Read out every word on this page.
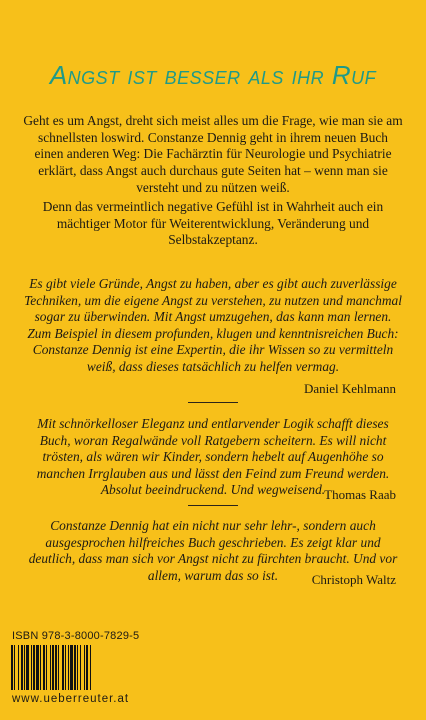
Angst ist besser als ihr Ruf
Geht es um Angst, dreht sich meist alles um die Frage, wie man sie am schnellsten loswird. Constanze Dennig geht in ihrem neuen Buch einen anderen Weg: Die Fachärztin für Neurologie und Psychiatrie erklärt, dass Angst auch durchaus gute Seiten hat – wenn man sie versteht und zu nützen weiß.
Denn das vermeintlich negative Gefühl ist in Wahrheit auch ein mächtiger Motor für Weiterentwicklung, Veränderung und Selbstakzeptanz.
Es gibt viele Gründe, Angst zu haben, aber es gibt auch zuverlässige Techniken, um die eigene Angst zu verstehen, zu nutzen und manchmal sogar zu überwinden. Mit Angst umzugehen, das kann man lernen. Zum Beispiel in diesem profunden, klugen und kenntnisreichen Buch: Constanze Dennig ist eine Expertin, die ihr Wissen so zu vermitteln weiß, dass dieses tatsächlich zu helfen vermag.
Daniel Kehlmann
Mit schnörkelloser Eleganz und entlarvender Logik schafft dieses Buch, woran Regalwände voll Ratgebern scheitern. Es will nicht trösten, als wären wir Kinder, sondern hebelt auf Augenhöhe so manchen Irrglauben aus und lässt den Feind zum Freund werden. Absolut beeindruckend. Und wegweisend. Thomas Raab
Constanze Dennig hat ein nicht nur sehr lehr-, sondern auch ausgesprochen hilfreiches Buch geschrieben. Es zeigt klar und deutlich, dass man sich vor Angst nicht zu fürchten braucht. Und vor allem, warum das so ist.	Christoph Waltz
ISBN 978-3-8000-7829-5
www.ueberreuter.at
